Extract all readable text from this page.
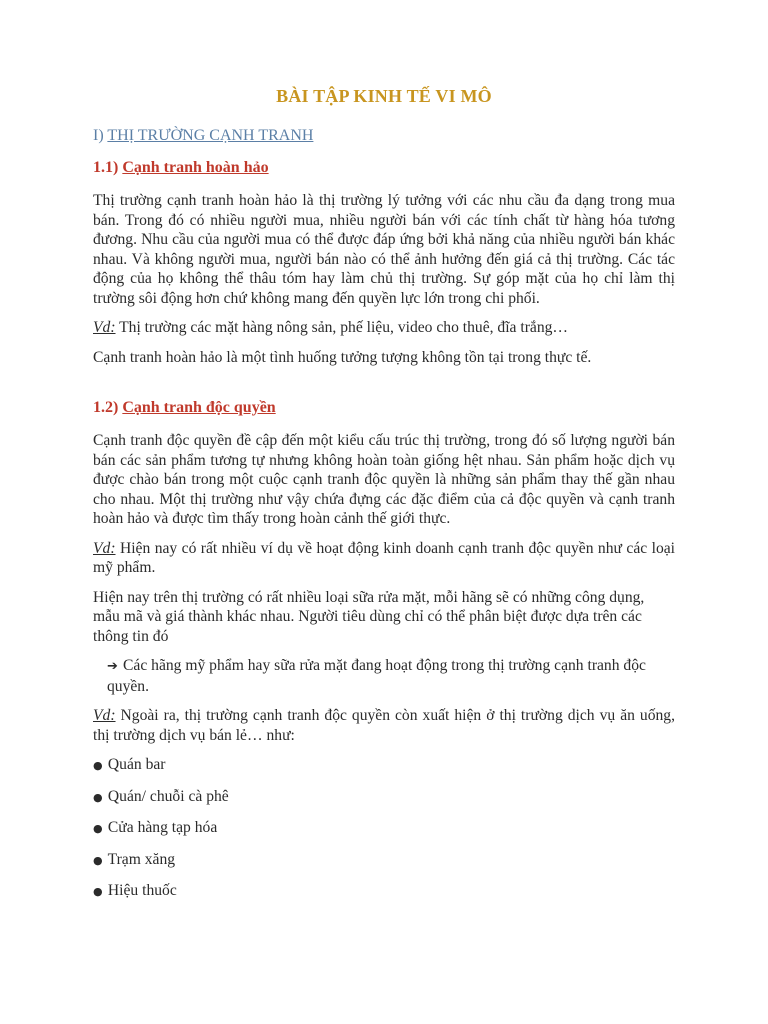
BÀI TẬP KINH TẾ VI MÔ
I) THỊ TRƯỜNG CẠNH TRANH
1.1) Cạnh tranh hoàn hảo

Thị trường cạnh tranh hoàn hảo là thị trường lý tưởng với các nhu cầu đa dạng trong mua bán. Trong đó có nhiều người mua, nhiều người bán với các tính chất từ hàng hóa tương đương. Nhu cầu của người mua có thể được đáp ứng bởi khả năng của nhiều người bán khác nhau. Và không người mua, người bán nào có thể ảnh hưởng đến giá cả thị trường. Các tác động của họ không thể thâu tóm hay làm chủ thị trường. Sự góp mặt của họ chỉ làm thị trường sôi động hơn chứ không mang đến quyền lực lớn trong chi phối.

Vd: Thị trường các mặt hàng nông sản, phế liệu, video cho thuê, đĩa trắng…

Cạnh tranh hoàn hảo là một tình huống tưởng tượng không tồn tại trong thực tế.

1.2) Cạnh tranh độc quyền

Cạnh tranh độc quyền đề cập đến một kiểu cấu trúc thị trường, trong đó số lượng người bán bán các sản phẩm tương tự nhưng không hoàn toàn giống hệt nhau. Sản phẩm hoặc dịch vụ được chào bán trong một cuộc cạnh tranh độc quyền là những sản phẩm thay thế gần nhau cho nhau. Một thị trường như vậy chứa đựng các đặc điểm của cả độc quyền và cạnh tranh hoàn hảo và được tìm thấy trong hoàn cảnh thế giới thực.

Vd: Hiện nay có rất nhiều ví dụ về hoạt động kinh doanh cạnh tranh độc quyền như các loại mỹ phẩm.

Hiện nay trên thị trường có rất nhiều loại sữa rửa mặt, mỗi hãng sẽ có những công dụng, mẫu mã và giá thành khác nhau. Người tiêu dùng chỉ có thể phân biệt được dựa trên các thông tin đó

➔ Các hãng mỹ phẩm hay sữa rửa mặt đang hoạt động trong thị trường cạnh tranh độc quyền.

Vd: Ngoài ra, thị trường cạnh tranh độc quyền còn xuất hiện ở thị trường dịch vụ ăn uống, thị trường dịch vụ bán lẻ… như:

● Quán bar
● Quán/ chuỗi cà phê
● Cửa hàng tạp hóa
● Trạm xăng
● Hiệu thuốc
